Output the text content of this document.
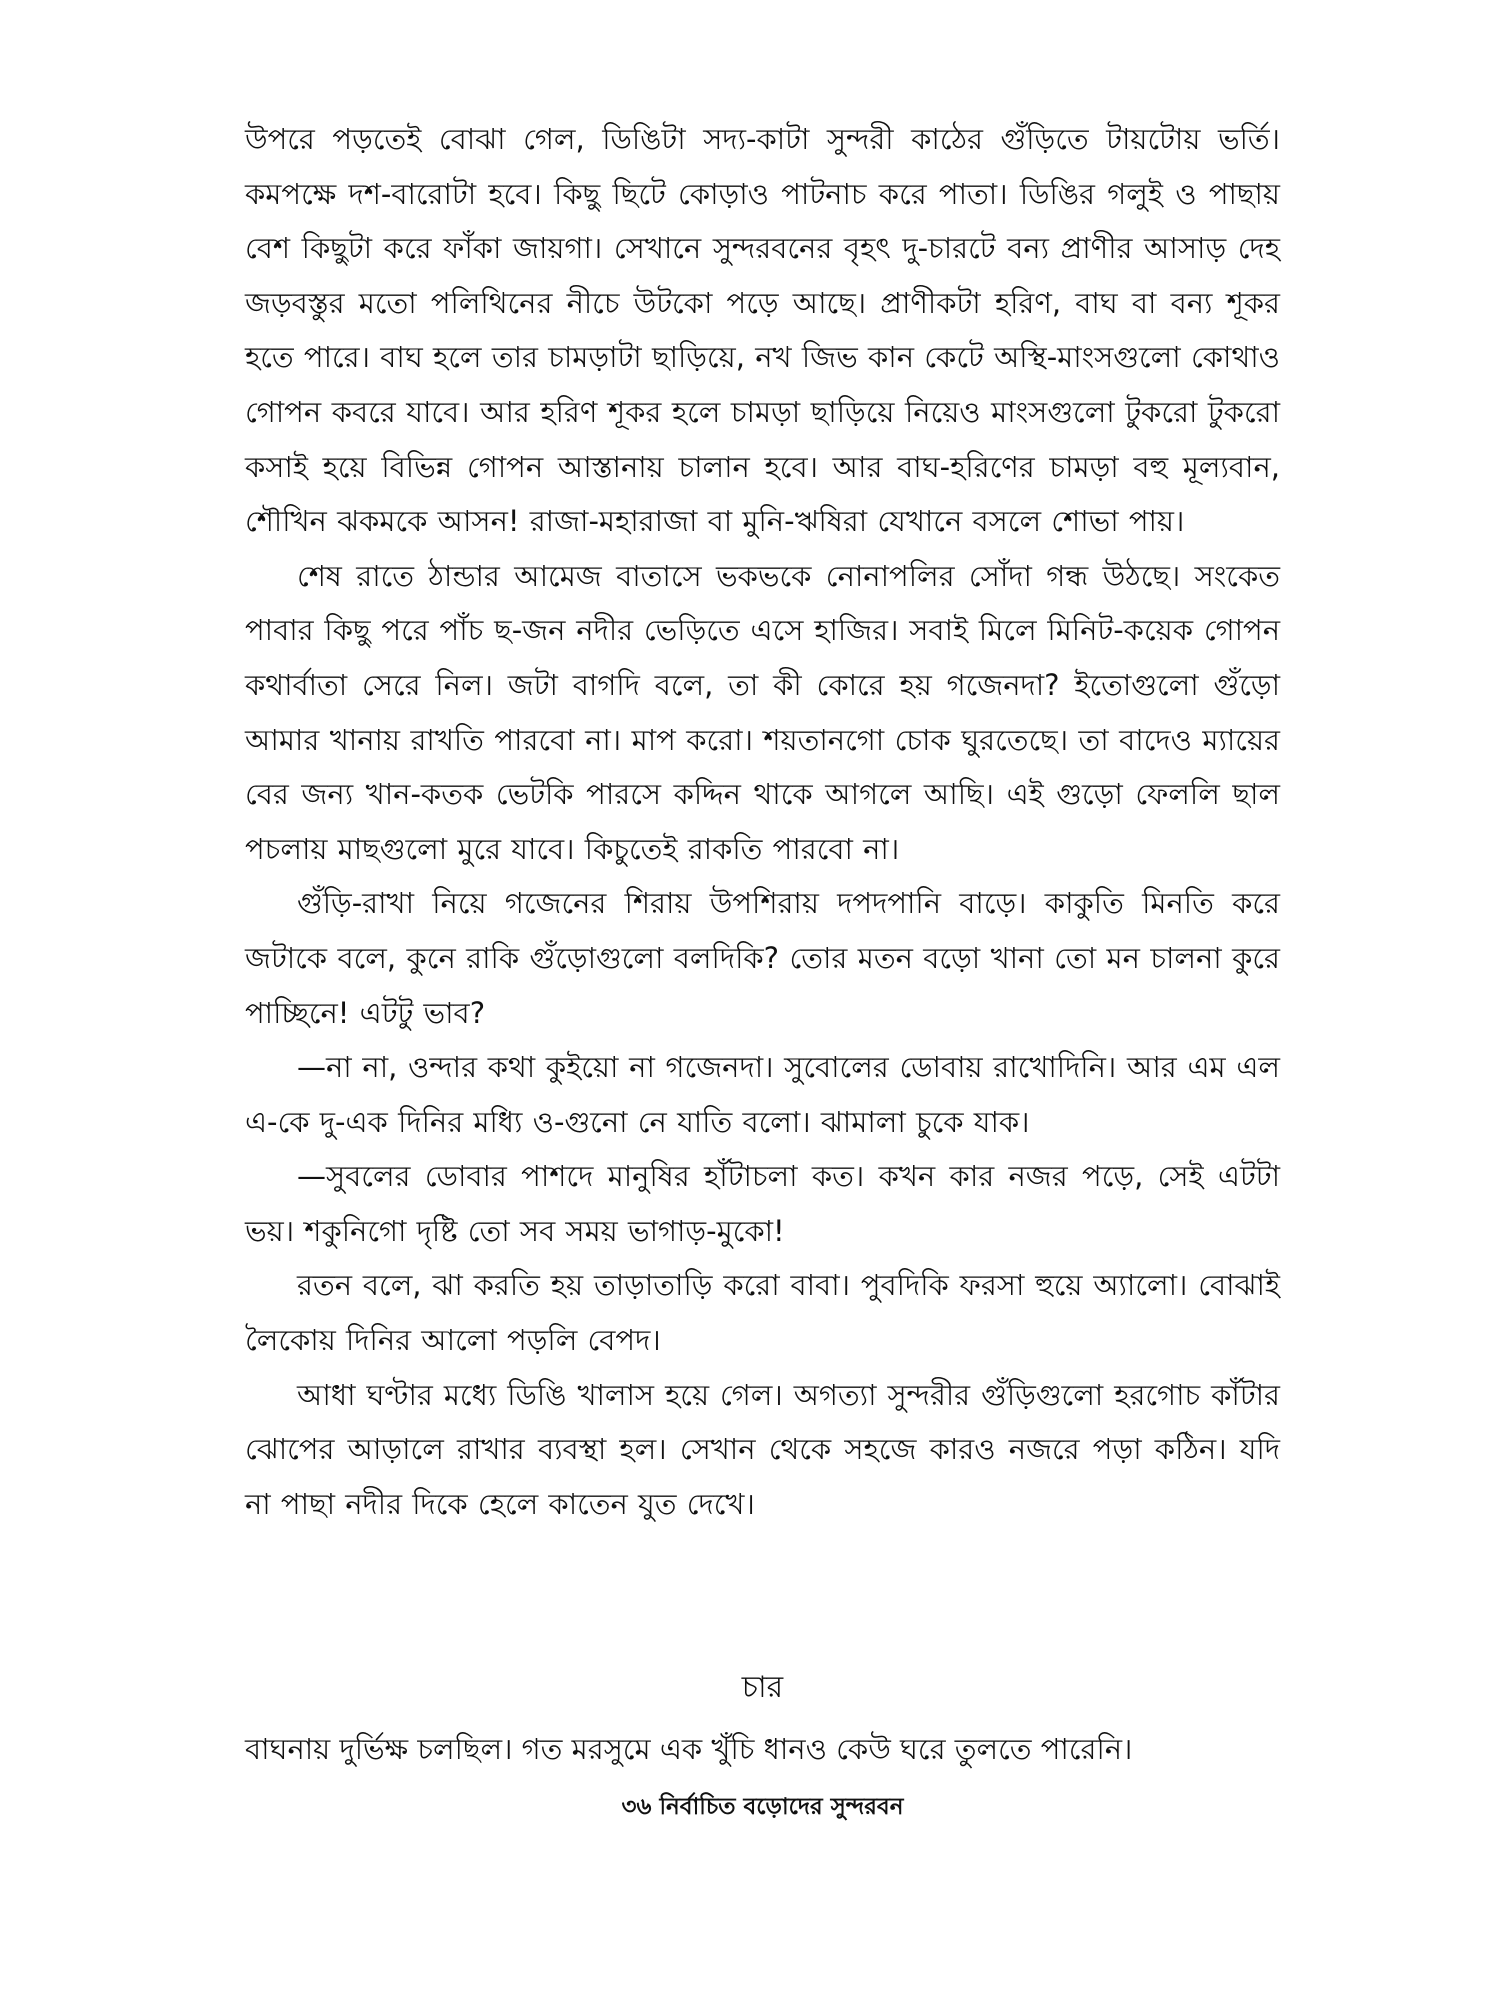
উপরে পড়তেই বোঝা গেল, ডিঙিটা সদ্য-কাটা সুন্দরী কাঠের গুঁড়িতে টায়টোয় ভর্তি। কমপক্ষে দশ-বারোটা হবে। কিছু ছিটে কোড়াও পাটনাচ করে পাতা। ডিঙির গলুই ও পাছায় বেশ কিছুটা করে ফাঁকা জায়গা। সেখানে সুন্দরবনের বৃহৎ দু-চারটে বন্য প্রাণীর আসাড় দেহ জড়বস্তুর মতো পলিথিনের নীচে উটকো পড়ে আছে। প্রাণীকটা হরিণ, বাঘ বা বন্য শূকর হতে পারে। বাঘ হলে তার চামড়াটা ছাড়িয়ে, নখ জিভ কান কেটে অস্থি-মাংসগুলো কোথাও গোপন কবরে যাবে। আর হরিণ শূকর হলে চামড়া ছাড়িয়ে নিয়েও মাংসগুলো টুকরো টুকরো কসাই হয়ে বিভিন্ন গোপন আস্তানায় চালান হবে। আর বাঘ-হরিণের চামড়া বহু মূল্যবান, শৌখিন ঝকমকে আসন! রাজা-মহারাজা বা মুনি-ঋষিরা যেখানে বসলে শোভা পায়।

শেষ রাতে ঠান্ডার আমেজ বাতাসে ভকভকে নোনাপলির সোঁদা গন্ধ উঠছে। সংকেত পাবার কিছু পরে পাঁচ ছ-জন নদীর ভেড়িতে এসে হাজির। সবাই মিলে মিনিট-কয়েক গোপন কথার্বাতা সেরে নিল। জটা বাগদি বলে, তা কী কোরে হয় গজেনদা? ইতোগুলো গুঁড়ো আমার খানায় রাখতি পারবো না। মাপ করো। শয়তানগো চোক ঘুরতেছে। তা বাদেও ম্যায়ের বের জন্য খান-কতক ভেটকি পারসে কদ্দিন থাকে আগলে আছি। এই গুড়ো ফেললি ছাল পচলায় মাছগুলো মুরে যাবে। কিচুতেই রাকতি পারবো না।

গুঁড়ি-রাখা নিয়ে গজেনের শিরায় উপশিরায় দপদপানি বাড়ে। কাকুতি মিনতি করে জটাকে বলে, কুনে রাকি গুঁড়োগুলো বলদিকি? তোর মতন বড়ো খানা তো মন চালনা কুরে পাচ্ছিনে! এটটু ভাব?

—না না, ওন্দার কথা কুইয়ো না গজেনদা। সুবোলের ডোবায় রাখোদিনি। আর এম এল এ-কে দু-এক দিনির মধ্যি ও-গুনো নে যাতি বলো। ঝামালা চুকে যাক।

—সুবলের ডোবার পাশদে মানুষির হাঁটাচলা কত। কখন কার নজর পড়ে, সেই এটটা ভয়। শকুনিগো দৃষ্টি তো সব সময় ভাগাড়-মুকো!

রতন বলে, ঝা করতি হয় তাড়াতাড়ি করো বাবা। পুবদিকি ফরসা হুয়ে অ্যালো। বোঝাই লৈকোয় দিনির আলো পড়লি বেপদ।

আধা ঘণ্টার মধ্যে ডিঙি খালাস হয়ে গেল। অগত্যা সুন্দরীর গুঁড়িগুলো হরগোচ কাঁটার ঝোপের আড়ালে রাখার ব্যবস্থা হল। সেখান থেকে সহজে কারও নজরে পড়া কঠিন। যদি না পাছা নদীর দিকে হেলে কাতেন যুত দেখে।

চার

বাঘনায় দুর্ভিক্ষ চলছিল। গত মরসুমে এক খুঁচি ধানও কেউ ঘরে তুলতে পারেনি।

৩৬ নির্বাচিত বড়োদের সুন্দরবন
